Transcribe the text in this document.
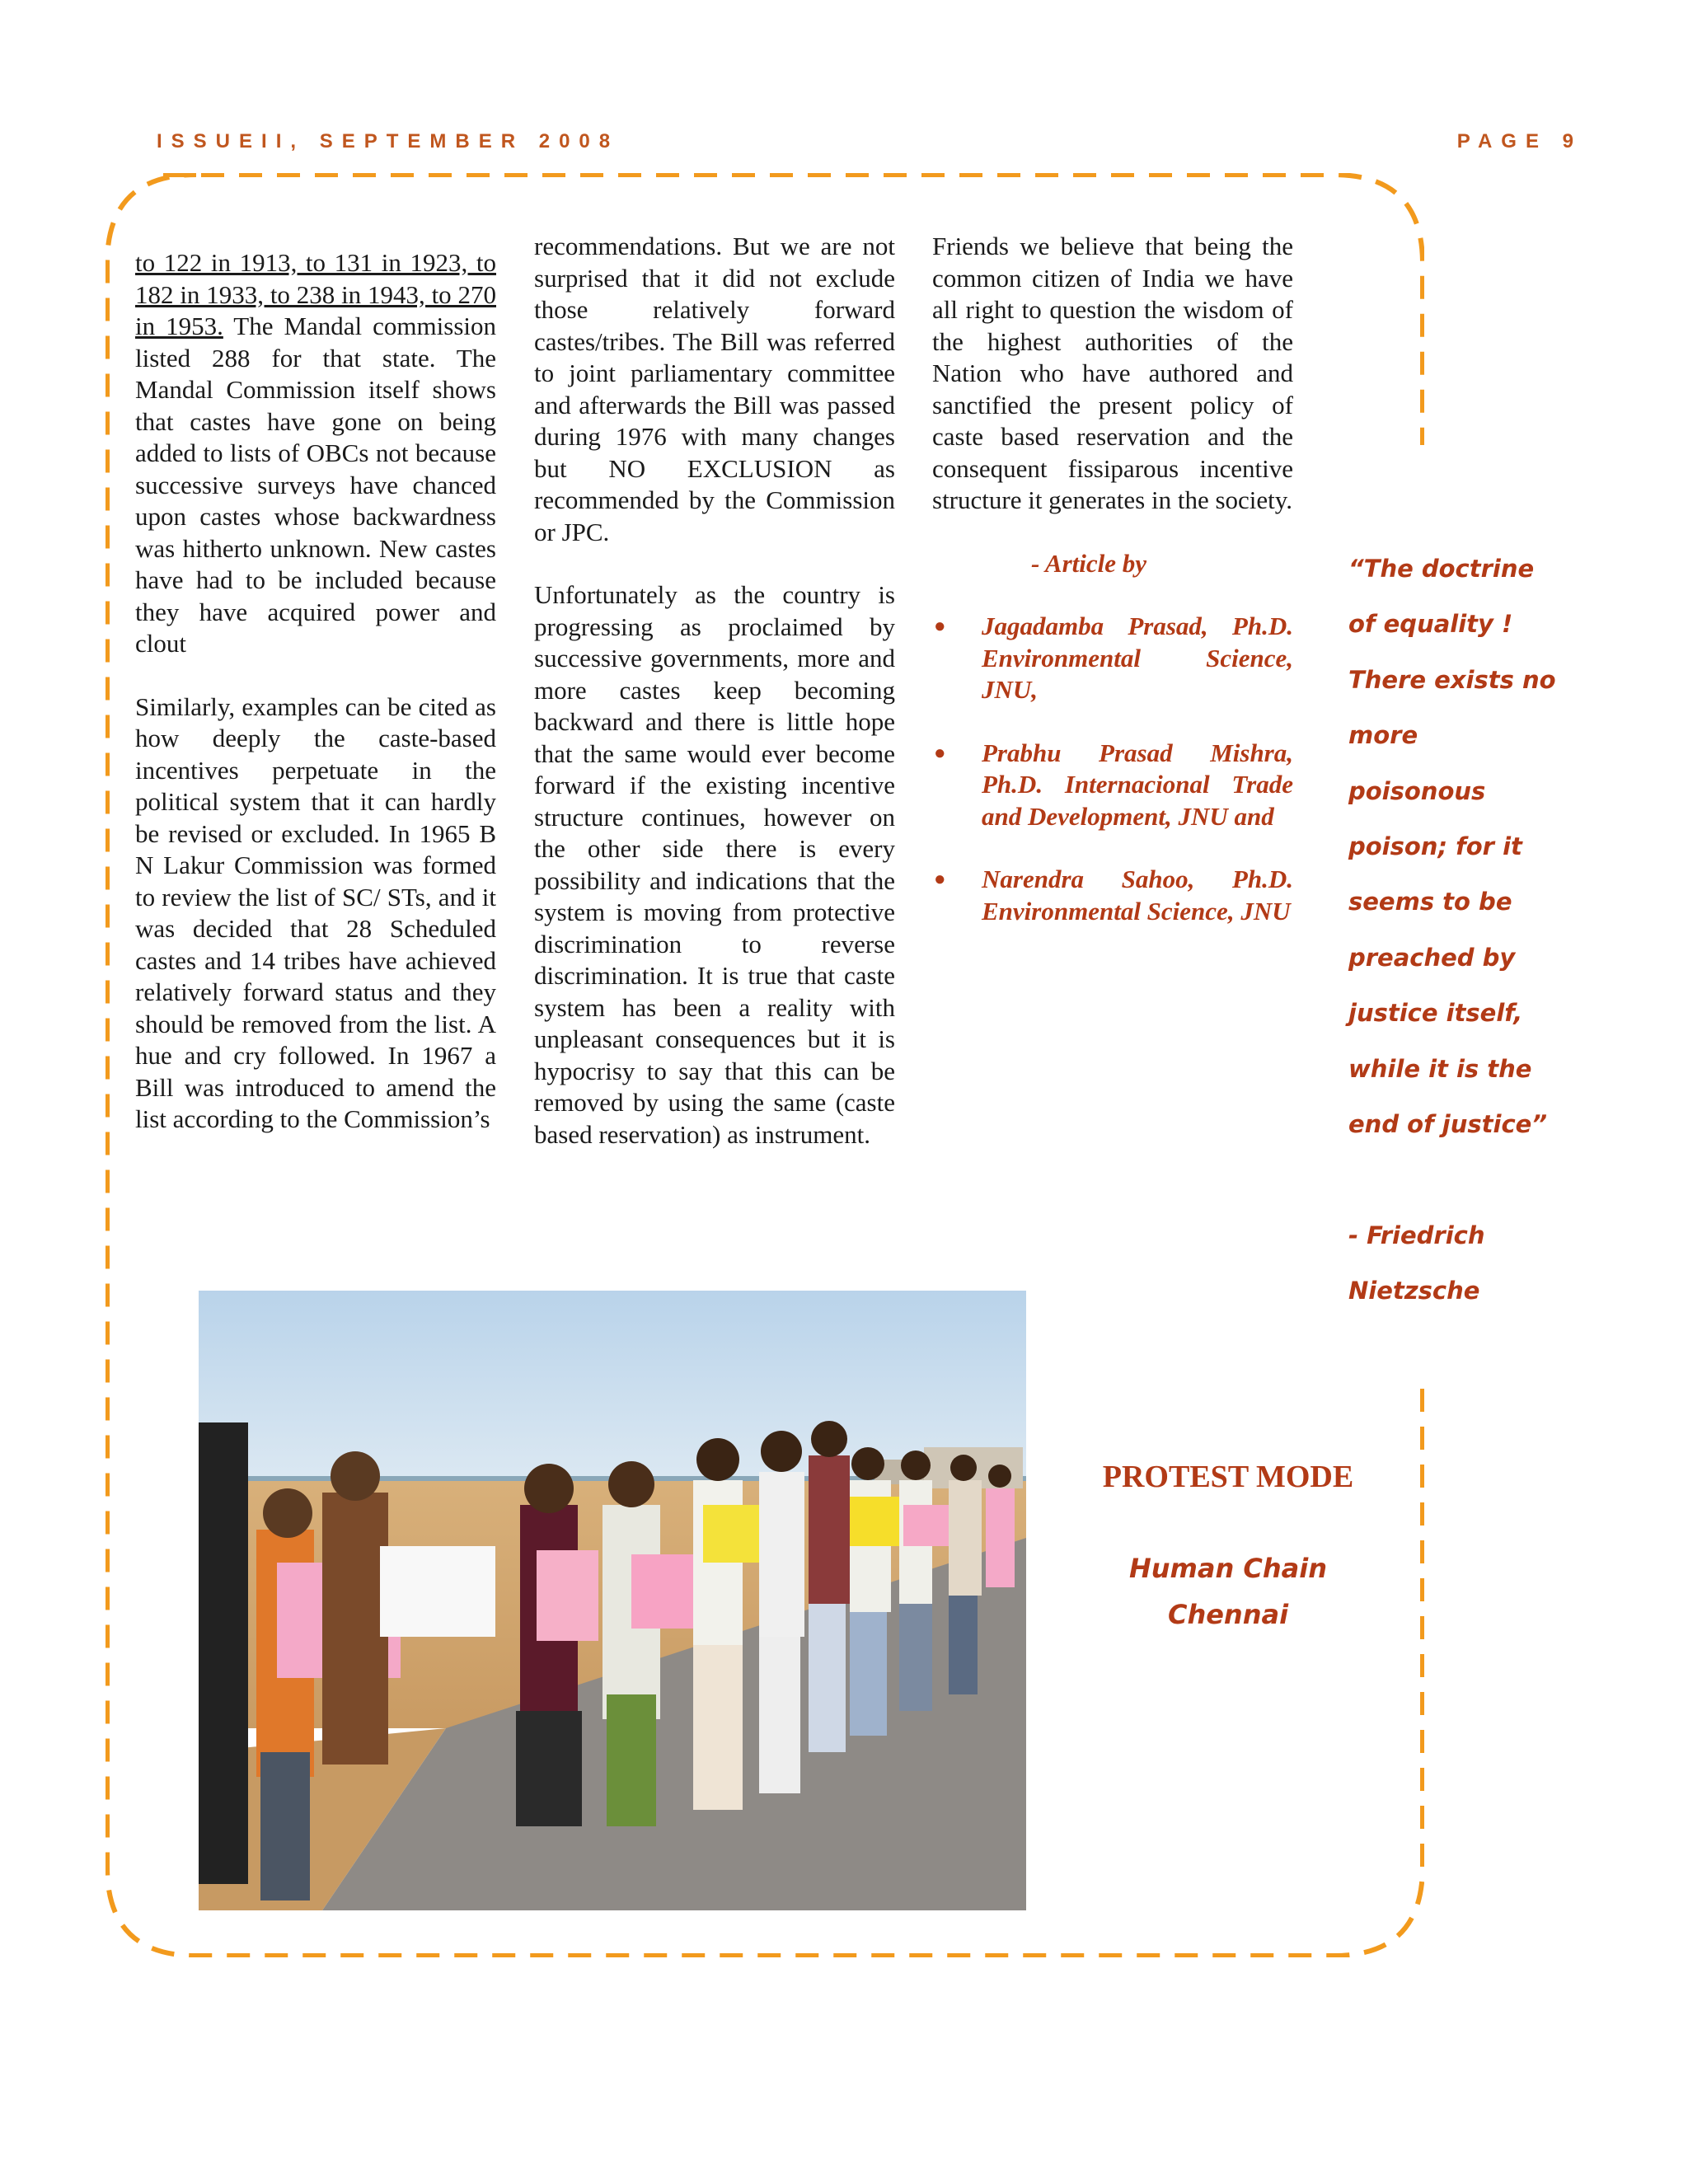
ISSUEII, SEPTEMBER 2008	PAGE 9

to 122 in 1913, to 131 in 1923, to 182 in 1933, to 238 in 1943, to 270 in 1953. The Mandal commission listed 288 for that state. The Mandal Commission itself shows that castes have gone on being added to lists of OBCs not because successive surveys have chanced upon castes whose backwardness was hitherto unknown. New castes have had to be included because they have acquired power and clout

Similarly, examples can be cited as how deeply the caste-based incentives perpetuate in the political system that it can hardly be revised or excluded. In 1965 B N Lakur Commission was formed to review the list of SC/ STs, and it was decided that 28 Scheduled castes and 14 tribes have achieved relatively forward status and they should be removed from the list. A hue and cry followed. In 1967 a Bill was introduced to amend the list according to the Commission’s

recommendations. But we are not surprised that it did not exclude those relatively forward castes/tribes. The Bill was referred to joint parliamentary committee and afterwards the Bill was passed during 1976 with many changes but NO EXCLUSION as recommended by the Commission or JPC.

Unfortunately as the country is progressing as proclaimed by successive governments, more and more castes keep becoming backward and there is little hope that the same would ever become forward if the existing incentive structure continues, however on the other side there is every possibility and indications that the system is moving from protective discrimination to reverse discrimination. It is true that caste system has been a reality with unpleasant consequences but it is hypocrisy to say that this can be removed by using the same (caste based reservation) as instrument.

Friends we believe that being the common citizen of India we have all right to question the wisdom of the highest authorities of the Nation who have authored and sanctified the present policy of caste based reservation and the consequent fissiparous incentive structure it generates in the society.

- Article by

● Jagadamba Prasad, Ph.D. Environmental Science, JNU,
● Prabhu Prasad Mishra, Ph.D. Internacional Trade and Development, JNU and
● Narendra Sahoo, Ph.D. Environmental Science, JNU
“The doctrine
of equality !
There exists no
more
poisonous
poison; for it
seems to be
preached by
justice itself,
while it is the
end of justice”

- Friedrich
Nietzsche
PROTEST MODE
Human Chain
Chennai
